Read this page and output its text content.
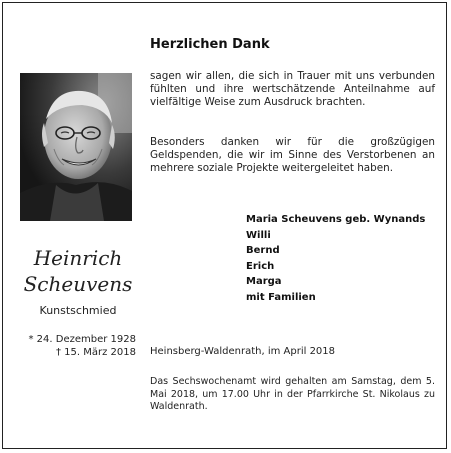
Heinrich
Scheuvens
Kunstschmied
* 24. Dezember 1928
† 15. März 2018
Herzlichen Dank
sagen wir allen, die sich in Trauer mit uns verbunden fühlten und ihre wertschätzende Anteilnahme auf vielfältige Weise zum Ausdruck brachten.
Besonders danken wir für die großzügigen Geldspenden, die wir im Sinne des Verstorbenen an mehrere soziale Projekte weitergeleitet haben.
Maria Scheuvens geb. Wynands
Willi
Bernd
Erich
Marga
mit Familien
Heinsberg-Waldenrath, im April 2018
Das Sechswochenamt wird gehalten am Samstag, dem 5. Mai 2018, um 17.00 Uhr in der Pfarrkirche St. Nikolaus zu Waldenrath.
